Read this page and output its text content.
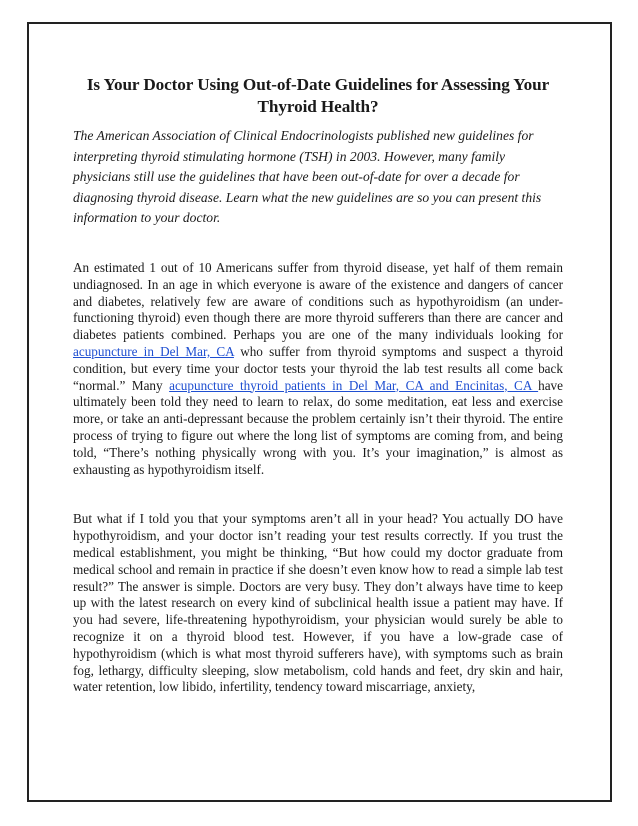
Is Your Doctor Using Out-of-Date Guidelines for Assessing Your Thyroid Health?

The American Association of Clinical Endocrinologists published new guidelines for interpreting thyroid stimulating hormone (TSH) in 2003. However, many family physicians still use the guidelines that have been out-of-date for over a decade for diagnosing thyroid disease. Learn what the new guidelines are so you can present this information to your doctor.

An estimated 1 out of 10 Americans suffer from thyroid disease, yet half of them remain undiagnosed. In an age in which everyone is aware of the existence and dangers of cancer and diabetes, relatively few are aware of conditions such as hypothyroidism (an under- functioning thyroid) even though there are more thyroid sufferers than there are cancer and diabetes patients combined. Perhaps you are one of the many individuals looking for acupuncture in Del Mar, CA who suffer from thyroid symptoms and suspect a thyroid condition, but every time your doctor tests your thyroid the lab test results all come back “normal.” Many acupuncture thyroid patients in Del Mar, CA and Encinitas, CA have ultimately been told they need to learn to relax, do some meditation, eat less and exercise more, or take an anti-depressant because the problem certainly isn’t their thyroid. The entire process of trying to figure out where the long list of symptoms are coming from, and being told, “There’s nothing physically wrong with you. It’s your imagination,” is almost as exhausting as hypothyroidism itself.

But what if I told you that your symptoms aren’t all in your head? You actually DO have hypothyroidism, and your doctor isn’t reading your test results correctly. If you trust the medical establishment, you might be thinking, “But how could my doctor graduate from medical school and remain in practice if she doesn’t even know how to read a simple lab test result?” The answer is simple. Doctors are very busy. They don’t always have time to keep up with the latest research on every kind of subclinical health issue a patient may have. If you had severe, life-threatening hypothyroidism, your physician would surely be able to recognize it on a thyroid blood test. However, if you have a low-grade case of hypothyroidism (which is what most thyroid sufferers have), with symptoms such as brain fog, lethargy, difficulty sleeping, slow metabolism, cold hands and feet, dry skin and hair, water retention, low libido, infertility, tendency toward miscarriage, anxiety,
